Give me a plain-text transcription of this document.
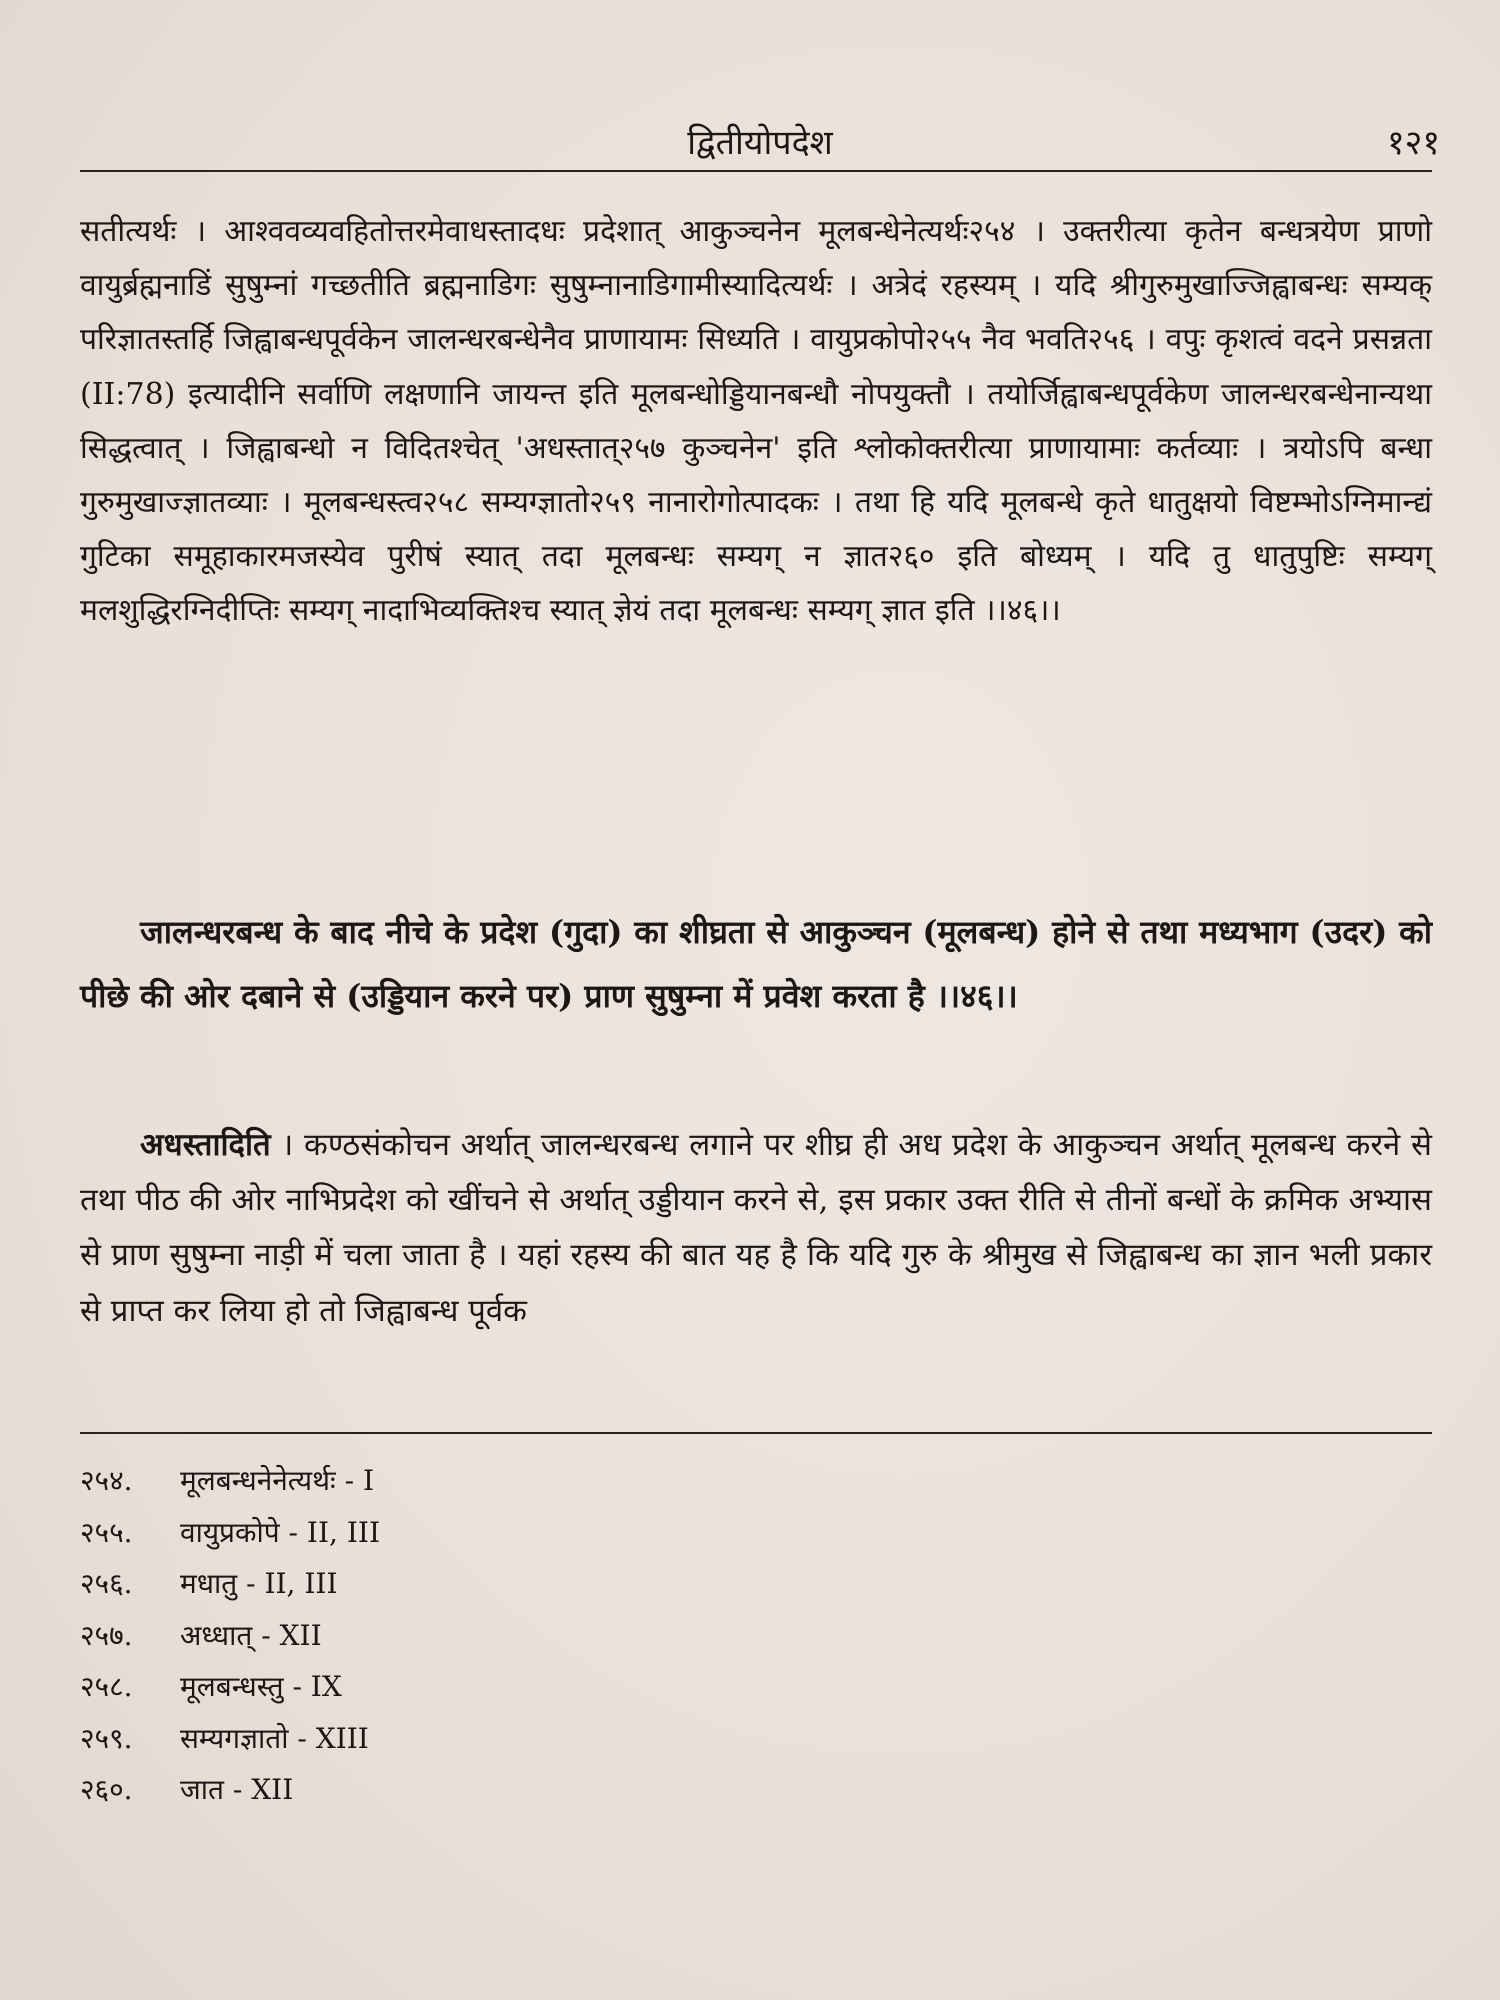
द्वितीयोपदेश	१२१
सतीत्यर्थः । आश्ववव्यवहितोत्तरमेवाधस्तादधः प्रदेशात् आकुञ्चनेन मूलबन्धेनेत्यर्थः२५४ । उक्तरीत्या कृतेन बन्धत्रयेण प्राणो वायुर्ब्रह्मनाडिं सुषुम्नां गच्छतीति ब्रह्मनाडिगः सुषुम्नानाडिगामीस्यादित्यर्थः । अत्रेदं रहस्यम् । यदि श्रीगुरुमुखाज्जिह्वाबन्धः सम्यक् परिज्ञातस्तर्हि जिह्वाबन्धपूर्वकेन जालन्धरबन्धेनैव प्राणायामः सिध्यति । वायुप्रकोपो२५५ नैव भवति२५६ । वपुः कृशत्वं वदने प्रसन्नता (II:78) इत्यादीनि सर्वाणि लक्षणानि जायन्त इति मूलबन्धोड्डियानबन्धौ नोपयुक्तौ । तयोर्जिह्वाबन्धपूर्वकेण जालन्धरबन्धेनान्यथा सिद्धत्वात् । जिह्वाबन्धो न विदितश्चेत् 'अधस्तात्२५७ कुञ्चनेन' इति श्लोकोक्तरीत्या प्राणायामाः कर्तव्याः । त्रयोऽपि बन्धा गुरुमुखाज्ज्ञातव्याः । मूलबन्धस्त्व२५८ सम्यग्ज्ञातो२५९ नानारोगोत्पादकः । तथा हि यदि मूलबन्धे कृते धातुक्षयो विष्टम्भोऽग्निमान्द्यं गुटिका समूहाकारमजस्येव पुरीषं स्यात् तदा मूलबन्धः सम्यग् न ज्ञात२६० इति बोध्यम् । यदि तु धातुपुष्टिः सम्यग् मलशुद्धिरग्निदीप्तिः सम्यग् नादाभिव्यक्तिश्च स्यात् ज्ञेयं तदा मूलबन्धः सम्यग् ज्ञात इति ।।४६।।
जालन्धरबन्ध के बाद नीचे के प्रदेश (गुदा) का शीघ्रता से आकुञ्चन (मूलबन्ध) होने से तथा मध्यभाग (उदर) को पीछे की ओर दबाने से (उड्डियान करने पर) प्राण सुषुम्ना में प्रवेश करता है ।।४६।।
अधस्तादिति । कण्ठसंकोचन अर्थात् जालन्धरबन्ध लगाने पर शीघ्र ही अध प्रदेश के आकुञ्चन अर्थात् मूलबन्ध करने से तथा पीठ की ओर नाभिप्रदेश को खींचने से अर्थात् उड्डीयान करने से, इस प्रकार उक्त रीति से तीनों बन्धों के क्रमिक अभ्यास से प्राण सुषुम्ना नाड़ी में चला जाता है । यहां रहस्य की बात यह है कि यदि गुरु के श्रीमुख से जिह्वाबन्ध का ज्ञान भली प्रकार से प्राप्त कर लिया हो तो जिह्वाबन्ध पूर्वक
२५४.	मूलबन्धनेनेत्यर्थः - I
२५५.	वायुप्रकोपे - II, III
२५६.	मधातु - II, III
२५७.	अध्धात् - XII
२५८.	मूलबन्धस्तु - IX
२५९.	सम्यगज्ञातो - XIII
२६०.	जात - XII
